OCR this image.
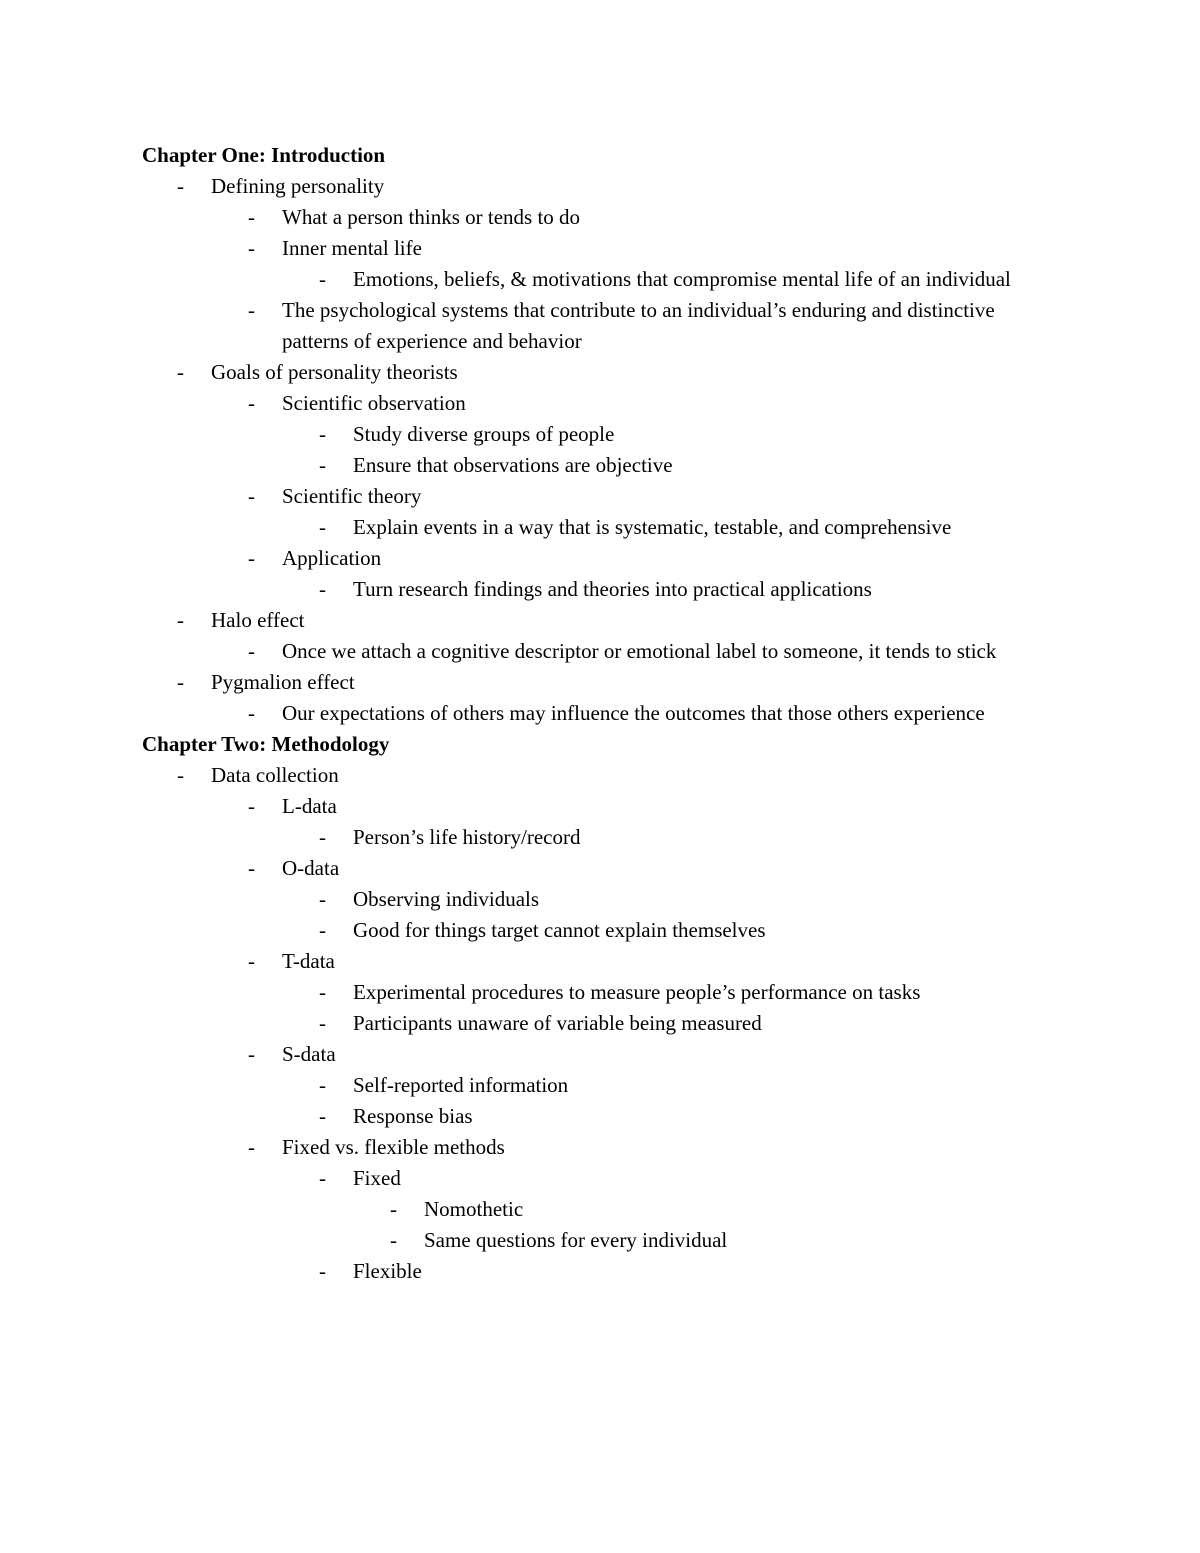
Chapter One: Introduction
- Defining personality
- What a person thinks or tends to do
- Inner mental life
- Emotions, beliefs, & motivations that compromise mental life of an individual
- The psychological systems that contribute to an individual’s enduring and distinctive patterns of experience and behavior
- Goals of personality theorists
- Scientific observation
- Study diverse groups of people
- Ensure that observations are objective
- Scientific theory
- Explain events in a way that is systematic, testable, and comprehensive
- Application
- Turn research findings and theories into practical applications
- Halo effect
- Once we attach a cognitive descriptor or emotional label to someone, it tends to stick
- Pygmalion effect
- Our expectations of others may influence the outcomes that those others experience
Chapter Two: Methodology
- Data collection
- L-data
- Person’s life history/record
- O-data
- Observing individuals
- Good for things target cannot explain themselves
- T-data
- Experimental procedures to measure people’s performance on tasks
- Participants unaware of variable being measured
- S-data
- Self-reported information
- Response bias
- Fixed vs. flexible methods
- Fixed
- Nomothetic
- Same questions for every individual
- Flexible
